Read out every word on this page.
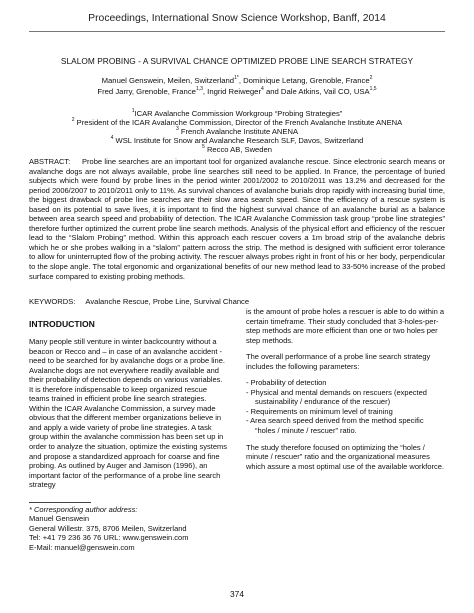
Proceedings, International Snow Science Workshop, Banff, 2014
SLALOM PROBING - A SURVIVAL CHANCE OPTIMIZED PROBE LINE SEARCH STRATEGY
Manuel Genswein, Meilen, Switzerland$^{1*}$, Dominique Letang, Grenoble, France$^2$
Fred Jarry, Grenoble, France$^{1,3}$, Ingrid Reiweger$^4$ and Dale Atkins, Vail CO, USA$^{1,5}$
$^1$ICAR Avalanche Commission Workgroup “Probing Strategies”
$^2$ President of the ICAR Avalanche Commission, Director of the French Avalanche Institute ANENA
$^3$ French Avalanche Institute ANENA
$^4$ WSL Institute for Snow and Avalanche Research SLF, Davos, Switzerland
$^5$ Recco AB, Sweden
ABSTRACT: Probe line searches are an important tool for organized avalanche rescue. Since electronic search means or avalanche dogs are not always available, probe line searches still need to be applied. In France, the percentage of buried subjects which were found by probe lines in the period winter 2001/2002 to 2010/2011 was 13.2% and decreased for the period 2006/2007 to 2010/2011 only to 11%. As survival chances of avalanche burials drop rapidly with increasing burial time, the biggest drawback of probe line searches are their slow area search speed. Since the efficiency of a rescue system is based on its potential to save lives, it is important to find the highest survival chance of an avalanche burial as a balance between area search speed and probability of detection. The ICAR Avalanche Commission task group “probe line strategies” therefore further optimized the current probe line search methods. Analysis of the physical effort and efficiency of the rescuer lead to the “Slalom Probing” method. Within this approach each rescuer covers a 1m broad strip of the avalanche debris which he or she probes walking in a “slalom” pattern across the strip. The method is designed with sufficient error tolerance to allow for uninterrupted flow of the probing activity. The rescuer always probes right in front of his or her body, perpendicular to the slope angle. The total ergonomic and organizational benefits of our new method lead to 33-50% increase of the probed surface compared to existing probing methods.
KEYWORDS: Avalanche Rescue, Probe Line, Survival Chance
INTRODUCTION

Many people still venture in winter backcountry without a beacon or Recco and – in case of an avalanche accident - need to be searched for by avalanche dogs or a probe line. Avalanche dogs are not everywhere readily available and their probability of detection depends on various variables. It is therefore indispensable to keep organized rescue teams trained in efficient probe line search strategies. Within the ICAR Avalanche Commission, a survey made obvious that the different member organizations believe in and apply a wide variety of probe line strategies. A task group within the avalanche commission has been set up in order to analyze the situation, optimize the existing systems and propose a standardized approach for coarse and fine probing. As outlined by Auger and Jamison (1996), an important factor of the performance of a probe line search strategy

is the amount of probe holes a rescuer is able to do within a certain timeframe. Their study concluded that 3-holes-per-step methods are more efficient than one or two holes per step methods.

The overall performance of a probe line search strategy includes the following parameters:

- Probability of detection
- Physical and mental demands on rescuers (expected sustainability / endurance of the rescuer)
- Requirements on minimum level of training
- Area search speed derived from the method specific “holes / minute / rescuer” ratio.

The study therefore focused on optimizing the “holes / minute / rescuer” ratio and the organizational measures which assure a most optimal use of the available workforce.

* Corresponding author address:
Manuel Genswein
General Willestr. 375, 8706 Meilen, Switzerland
Tel: +41 79 236 36 76 URL: www.genswein.com
E-Mail: manuel@genswein.com
374
